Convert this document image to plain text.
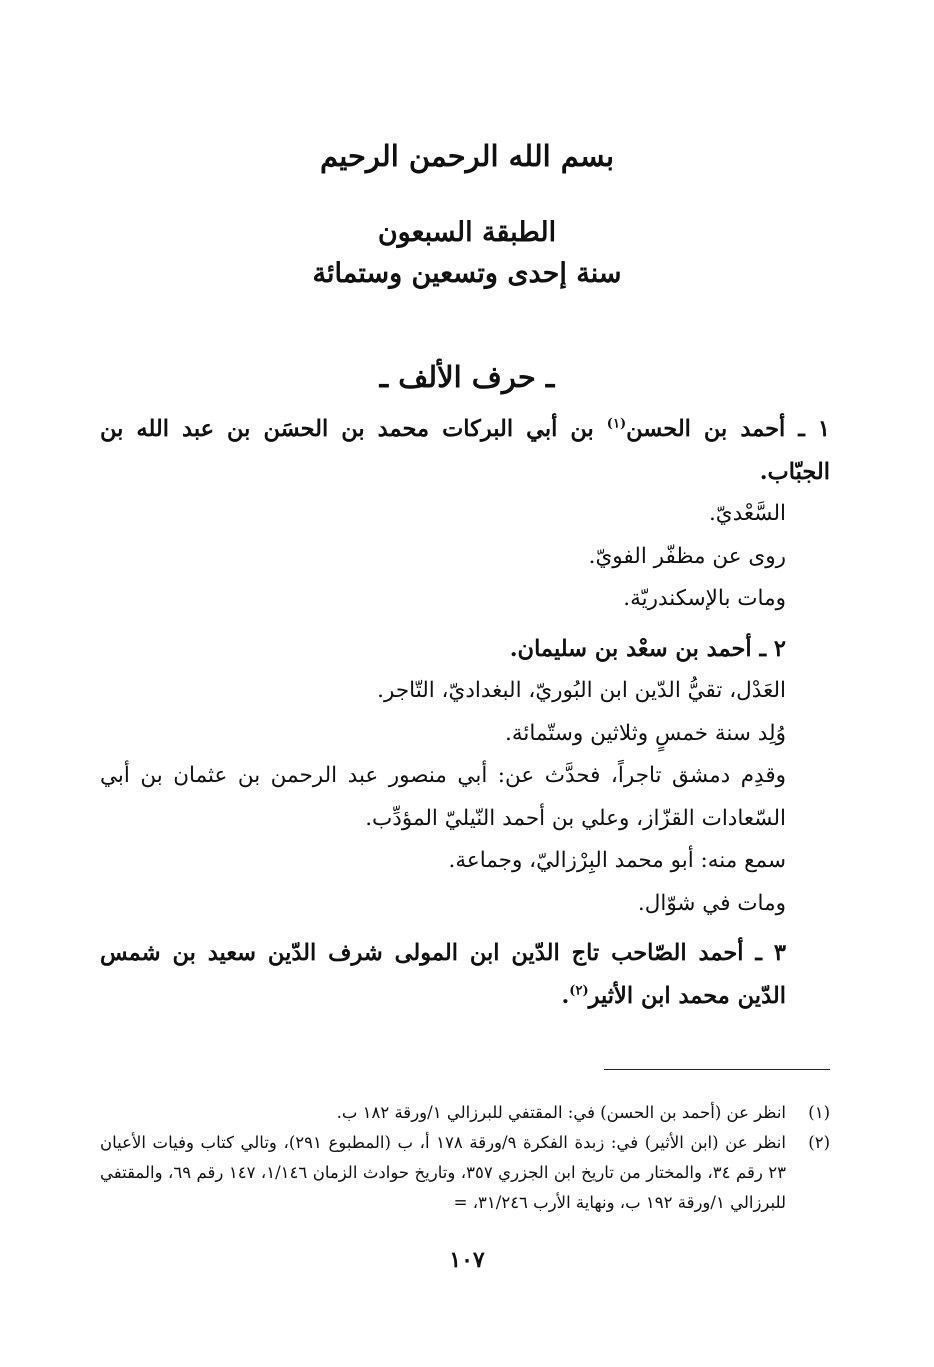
بسم الله الرحمن الرحيم
الطبقة السبعون
سنة إحدى وتسعين وستمائة
ـ حرف الألف ـ
١ ـ أحمد بن الحسن$^{(١)}$ بن أبي البركات محمد بن الحسَن بن عبد الله بن الجبّاب.
السَّعْديّ.
روى عن مظفّر الفويّ.
ومات بالإسكندريّة.
٢ ـ أحمد بن سعْد بن سليمان.
العَدْل، تقيُّ الدّين ابن البُوريّ، البغداديّ، التّاجر.
وُلِد سنة خمسٍ وثلاثين وستّمائة.
وقدِم دمشق تاجراً، فحدَّث عن: أبي منصور عبد الرحمن بن عثمان بن أبي السّعادات القزّاز، وعلي بن أحمد النّيليّ المؤدِّب.
سمع منه: أبو محمد البِرْزاليّ، وجماعة.
ومات في شوّال.
٣ ـ أحمد الصّاحب تاج الدّين ابن المولى شرف الدّين سعيد بن شمس الدّين محمد ابن الأثير$^{(٢)}$.
(١)
انظر عن (أحمد بن الحسن) في: المقتفي للبرزالي ١/ورقة ١٨٢ ب.
(٢)
انظر عن (ابن الأثير) في: زبدة الفكرة ٩/ورقة ١٧٨ أ، ب (المطبوع ٢٩١)، وتالي كتاب وفيات الأعيان ٢٣ رقم ٣٤، والمختار من تاريخ ابن الجزري ٣٥٧، وتاريخ حوادث الزمان ١/١٤٦، ١٤٧ رقم ٦٩، والمقتفي للبرزالي ١/ورقة ١٩٢ ب، ونهاية الأرب ٣١/٢٤٦، =
١٠٧
